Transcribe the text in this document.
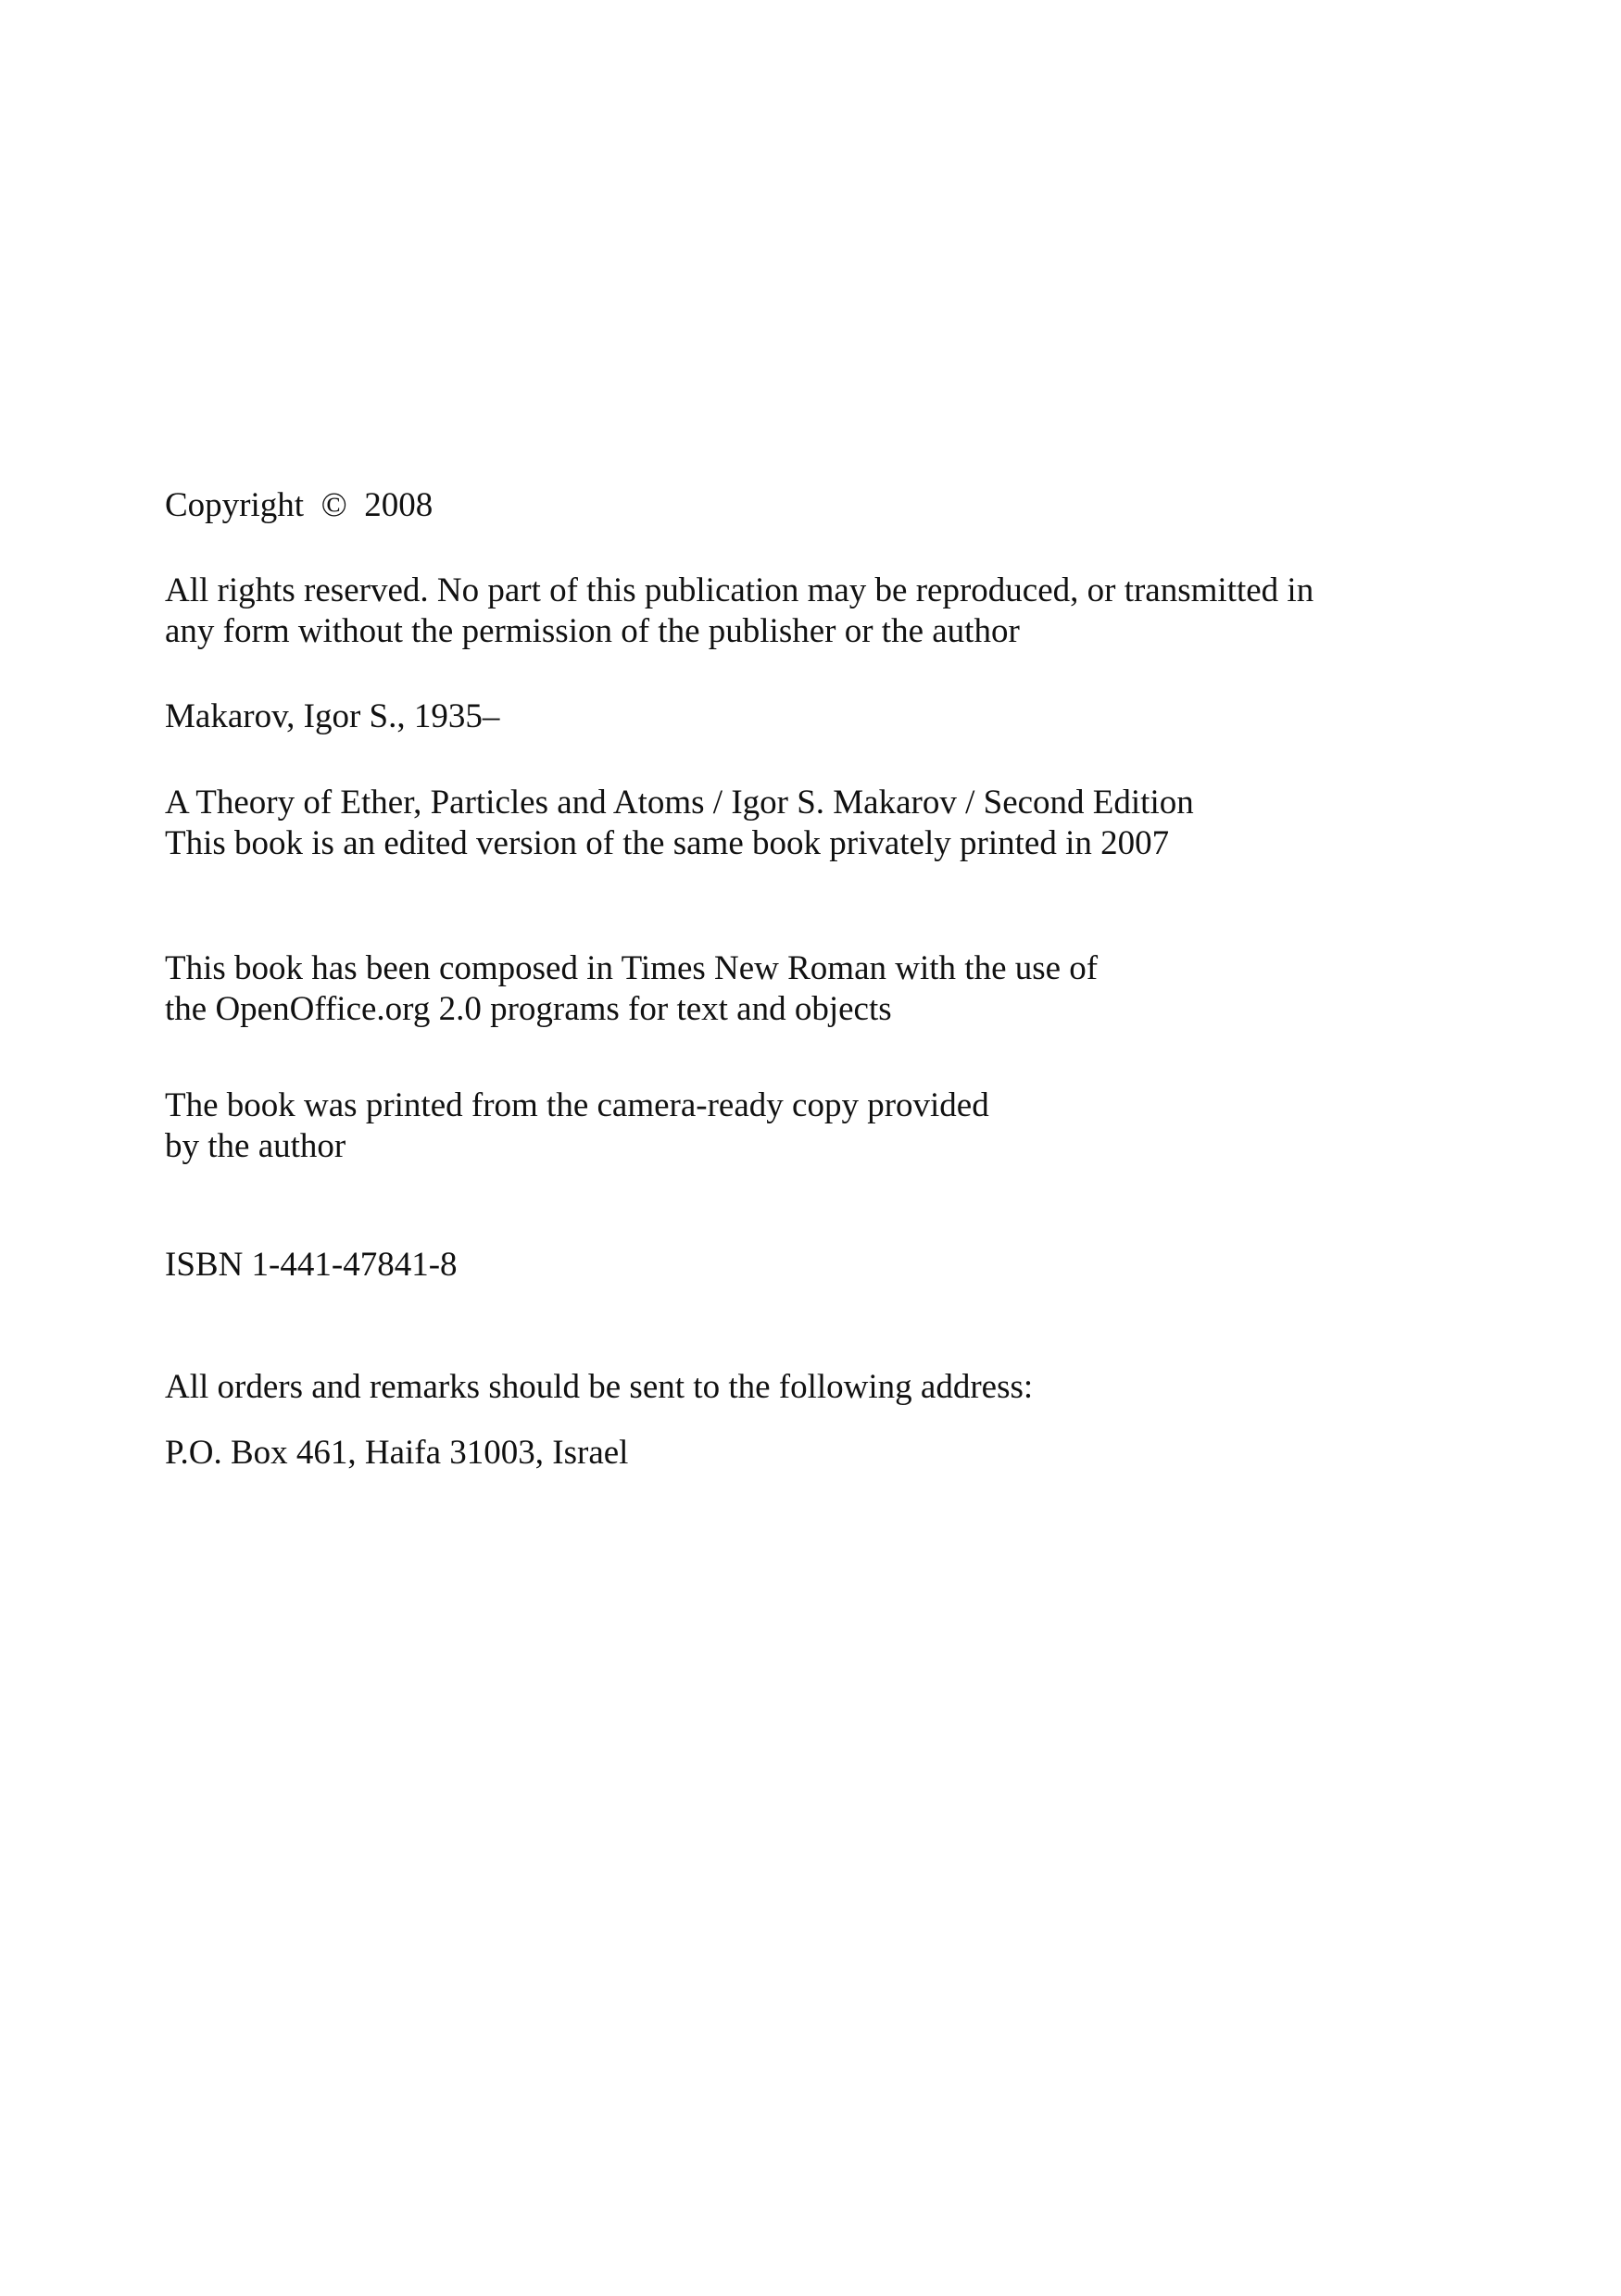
Copyright © 2008

All rights reserved. No part of this publication may be reproduced, or transmitted in

any form without the permission of the publisher or the author

Makarov, Igor S., 1935–

A Theory of Ether, Particles and Atoms / Igor S. Makarov / Second Edition

This book is an edited version of the same book privately printed in 2007

This book has been composed in Times New Roman with the use of

the OpenOffice.org 2.0 programs for text and objects

The book was printed from the camera-ready copy provided

by the author

ISBN 1-441-47841-8

All orders and remarks should be sent to the following address:

P.O. Box 461, Haifa 31003, Israel
